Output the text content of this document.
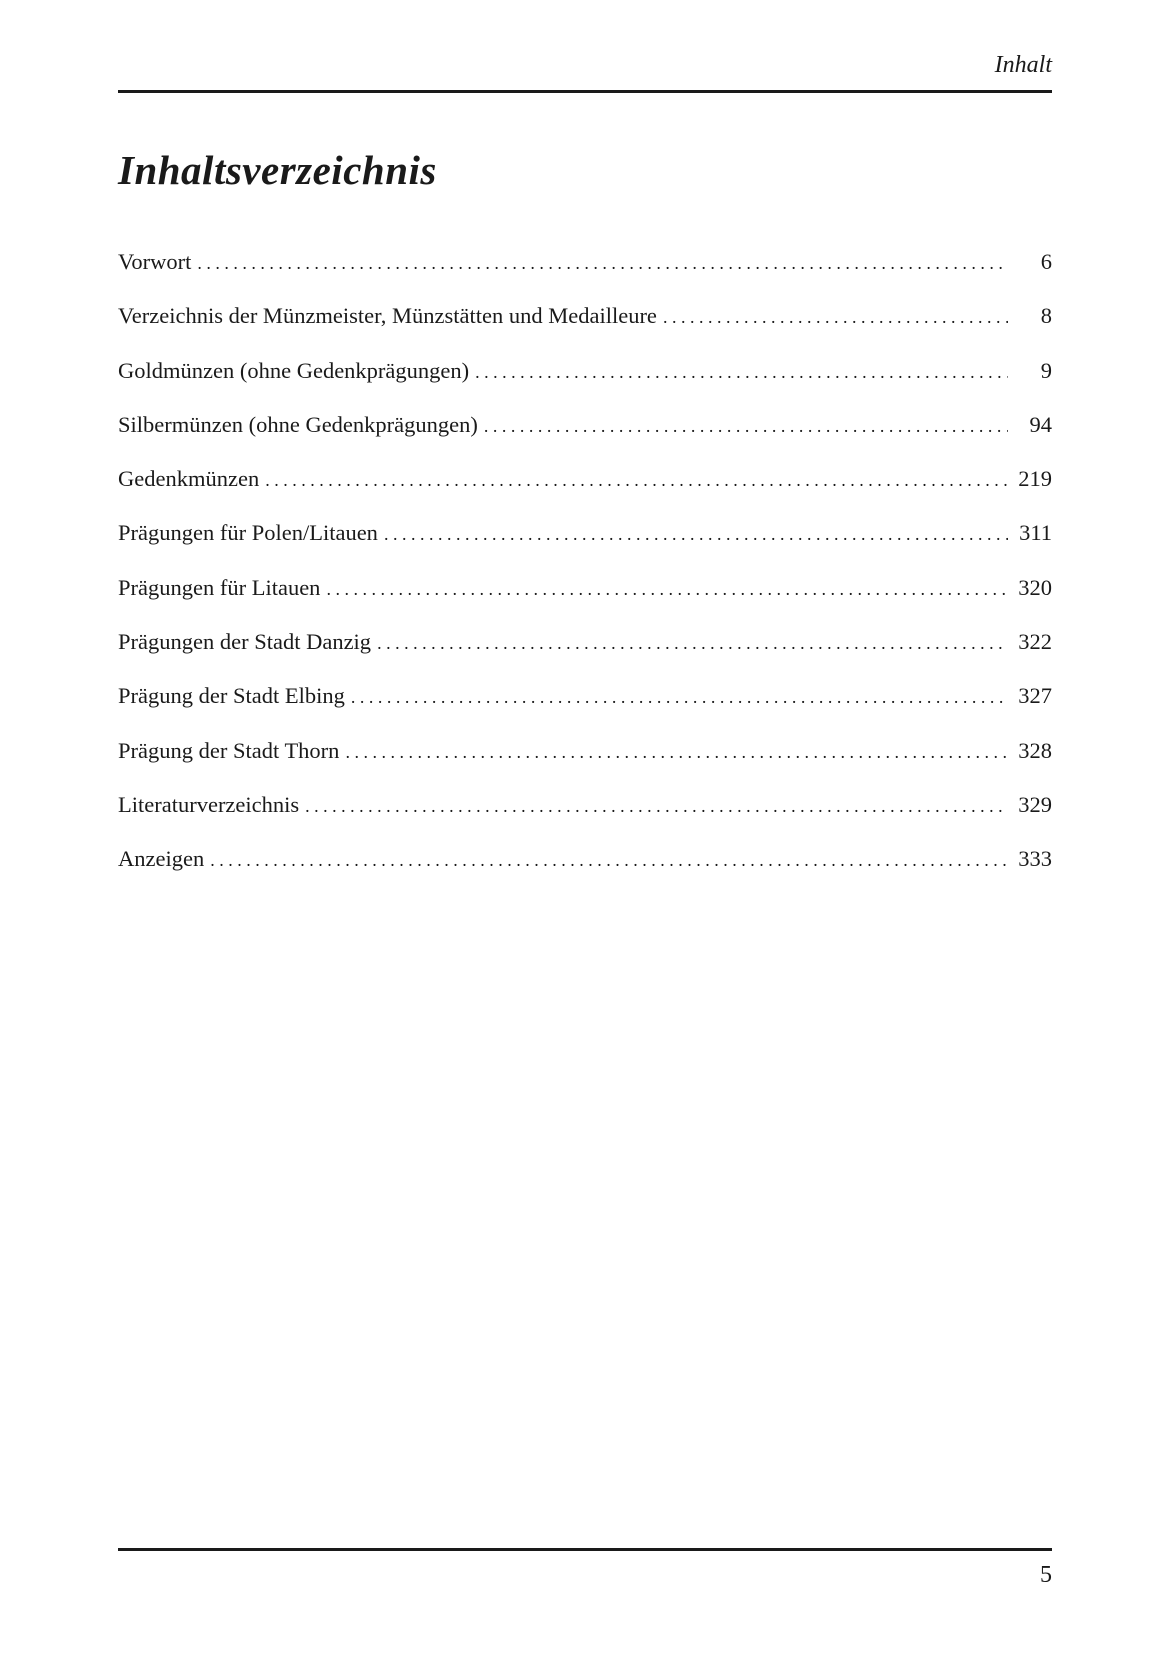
Inhalt
Inhaltsverzeichnis
Vorwort . . .	6
Verzeichnis der Münzmeister, Münzstätten und Medailleure . . .	8
Goldmünzen (ohne Gedenkprägungen) . . .	9
Silbermünzen (ohne Gedenkprägungen) . . .	94
Gedenkmünzen . . .	219
Prägungen für Polen/Litauen . . .	311
Prägungen für Litauen . . .	320
Prägungen der Stadt Danzig . . .	322
Prägung der Stadt Elbing . . .	327
Prägung der Stadt Thorn . . .	328
Literaturverzeichnis . . .	329
Anzeigen . . .	333
5
